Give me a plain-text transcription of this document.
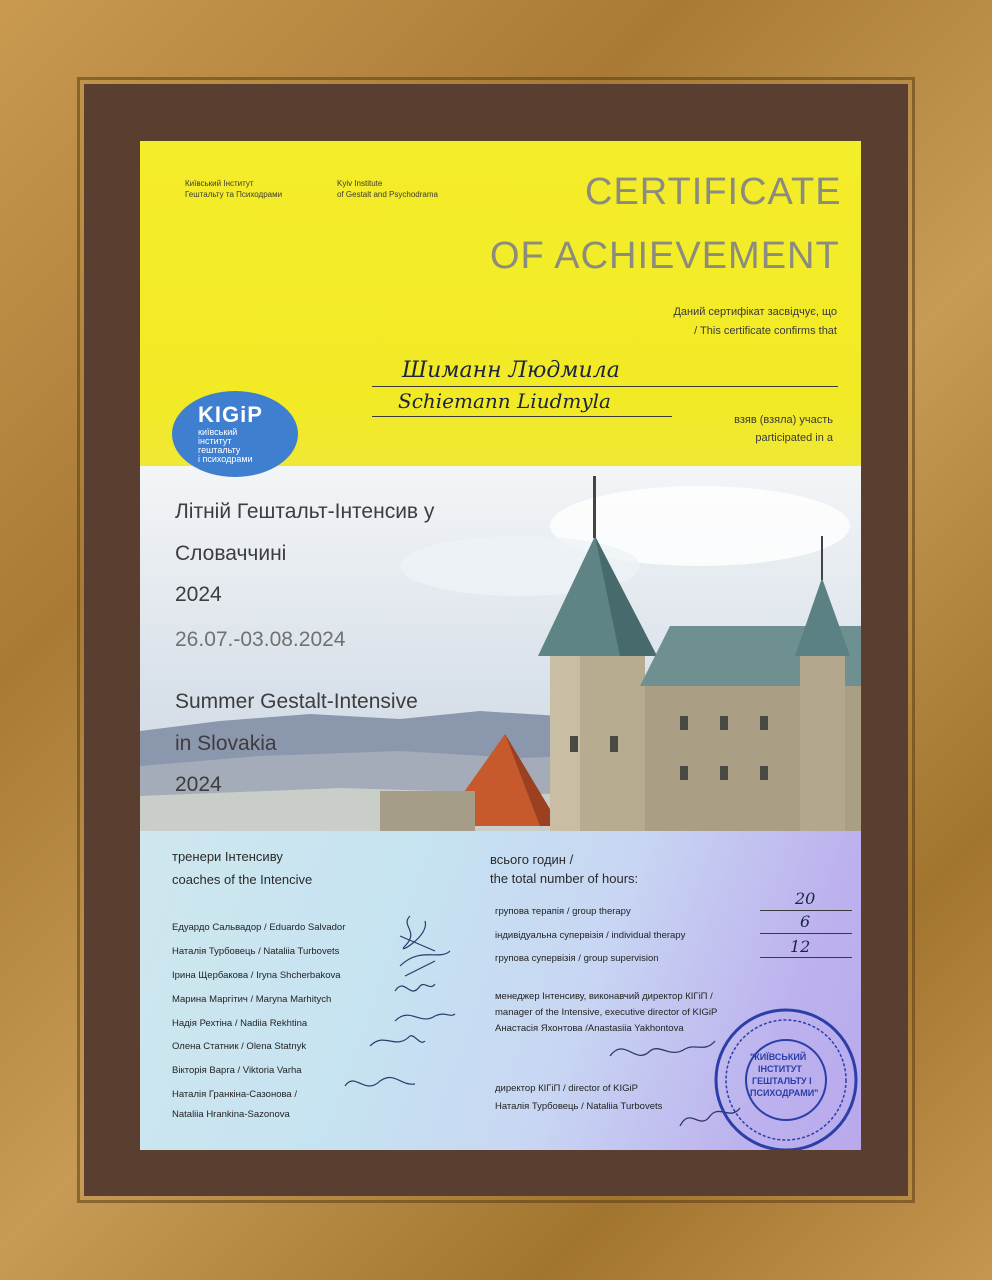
Київський Інститут

Гештальту та Психодрами

Kyiv Institute

of Gestalt and Psychodrama	CERTIFICATE

OF ACHIEVEMENT

Даний сертифікат засвідчує, що

/ This certificate confirms that

Шиманн Людмила

Schiemann Liudmyla

взяв (взяла) участь

participated in a

KIGiP
київський
інститут
гештальту
і психодрами

Літній Гештальт-Інтенсив у

Словаччині

2024

26.07.-03.08.2024

Summer Gestalt-Intensive

in Slovakia

2024

тренери Інтенсиву

coaches of the Intencive

Едуардо Сальвадор / Eduardo Salvador

Наталія Турбовець / Nataliia Turbovets

Ірина Щербакова / Iryna Shcherbakova

Марина Маргітич / Maryna Marhitych

Надія Рехтіна / Nadiia Rekhtina

Олена Статник / Olena Statnyk

Вікторія Варга / Viktoria Varha

Наталія Гранкіна-Сазонова /

Nataliia Hrankina-Sazonova

всього годин /

the total number of hours:

групова терапія / group therapy

20

індивідуальна супервізія / individual therapy

6

групова супервізія / group supervision

12

менеджер Інтенсиву, виконавчий директор КІГіП /

manager of the Intensive, executive director of KIGiP

Анастасія Яхонтова /Anastasiia Yakhontova

директор КІГіП / director of KIGiP

Наталія Турбовець / Nataliia Turbovets

"КИЇВСЬКИЙ
ІНСТИТУТ
ГЕШТАЛЬТУ І
ПСИХОДРАМИ"
